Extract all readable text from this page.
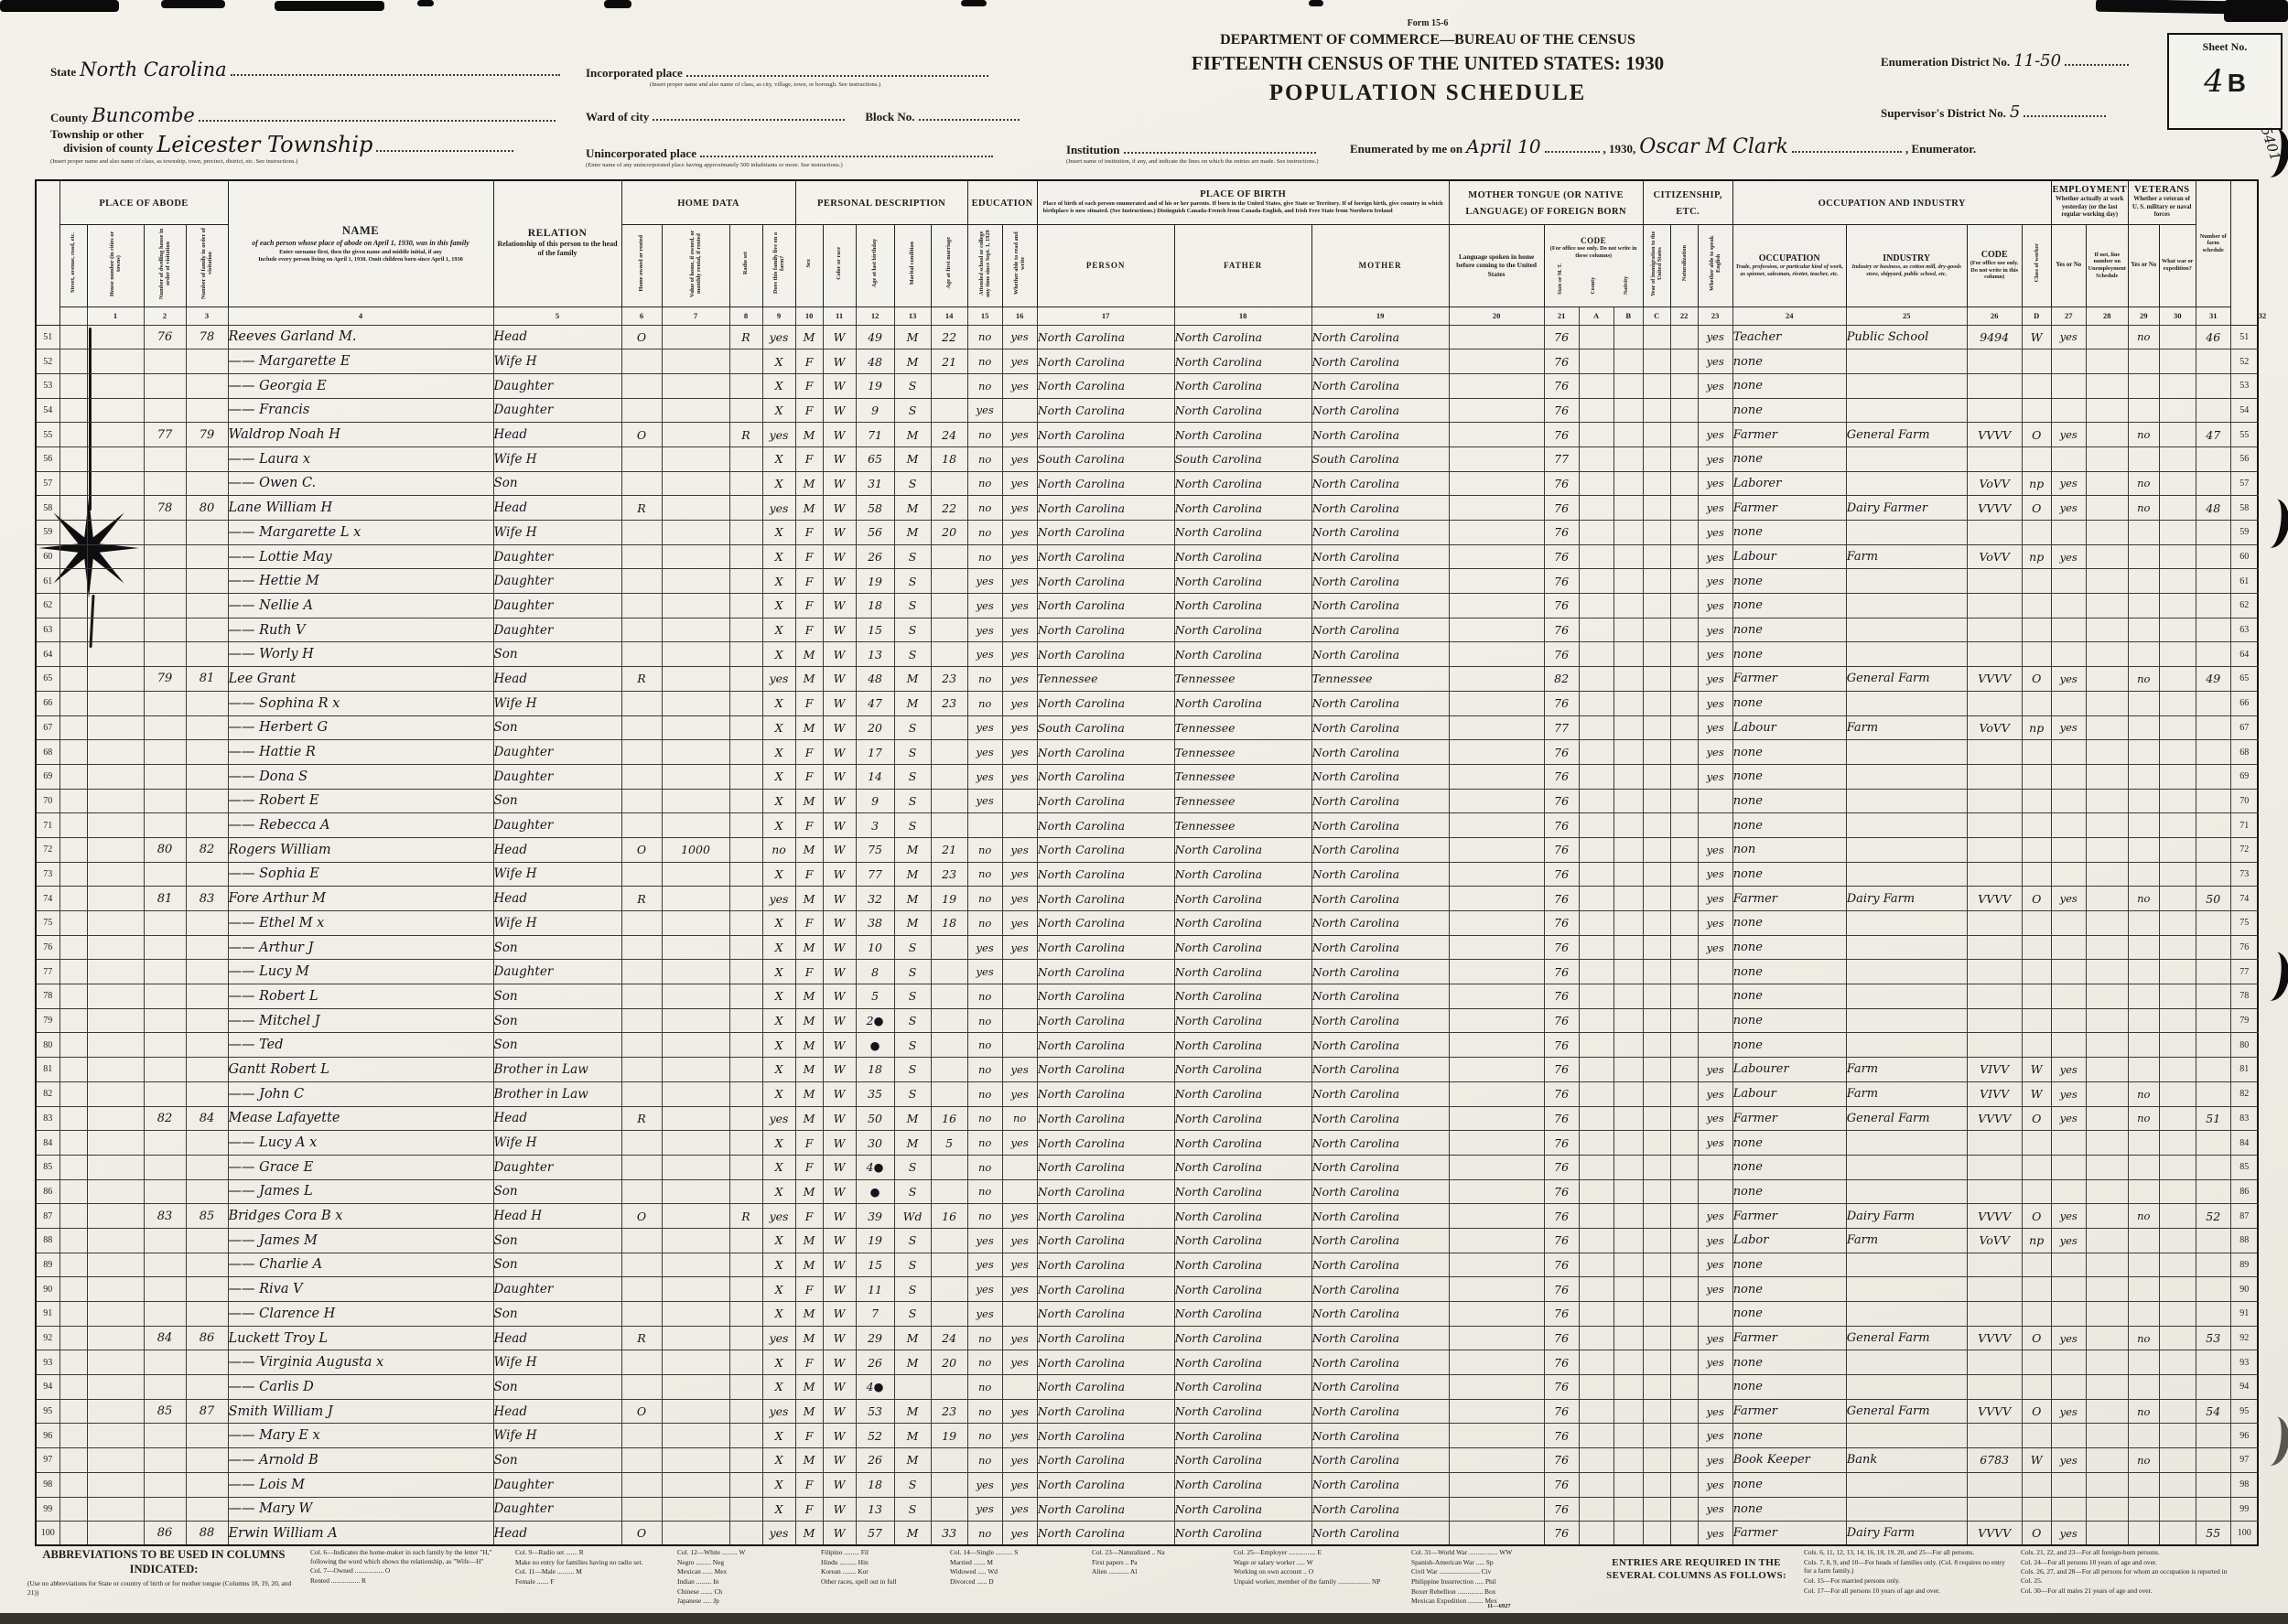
State North Carolina
County Buncombe
Township or other
division of county Leicester Township
(Insert proper name and also name of class, as township, town, precinct, district, etc. See instructions.)
Incorporated place
(Insert proper name and also name of class, as city, village, town, or borough. See instructions.)
Ward of city	Block No.
Unincorporated place
(Enter name of any unincorporated place having approximately 500 inhabitants or more. See instructions.)
Form 15-6
DEPARTMENT OF COMMERCE—BUREAU OF THE CENSUS
FIFTEENTH CENSUS OF THE UNITED STATES: 1930
POPULATION SCHEDULE
Institution
(Insert name of institution, if any, and indicate the lines on which the entries are made. See instructions.)
Enumerated by me on April 10	, 1930, Oscar M Clark	, Enumerator.
Enumeration District No. 11-50
Supervisor's District No. 5
Sheet No.
4 B
5401
	PLACE OF ABODE	
NAME
of each person whose place of abode on April 1, 1930, was in this family
Enter surname first, then the given name and middle initial, if any
Include every person living on April 1, 1930. Omit children born since April 1, 1930

RELATION
Relationship of this person to the head of the family
	HOME DATA	PERSONAL DESCRIPTION	EDUCATION	
PLACE OF BIRTH
Place of birth of each person enumerated and of his or her parents. If born in the United States, give State or Territory. If of foreign birth, give country in which birthplace is now situated. (See Instructions.) Distinguish Canada-French from Canada-English, and Irish Free State from Northern Ireland
	MOTHER TONGUE (OR NATIVE LANGUAGE) OF FOREIGN BORN	CITIZENSHIP, ETC.	OCCUPATION AND INDUSTRY	
EMPLOYMENT
Whether actually at work yesterday (or the last regular working day)

VETERANS
Whether a veteran of U. S. military or naval forces

Number of farm schedule

Street, avenue, road, etc.	House number (in cities or towns)	Number of dwelling house in order of visitation	Number of family in order of visitation	Home owned or rented	Value of home, if owned, or monthly rental, if rented	Radio set	Does this family live on a farm?	Sex	Color or race	Age at last birthday	Marital condition	Age at first marriage	Attended school or college any time since Sept. 1, 1929	Whether able to read and write	PERSON	FATHER	MOTHER	Language spoken in home before coming to the United States	
CODE
(For office use only. Do not write in these columns)
State or M. T.	County	Nativity	Year of immigration to the United States	Naturalization	Whether able to speak English	OCCUPATION
Trade, profession, or particular kind of work, as spinner, salesman, riveter, teacher, etc.

INDUSTRY
Industry or business, as cotton mill, dry-goods store, shipyard, public school, etc.

CODE
(For office use only. Do not write in this column)	Class of worker	Yes or No	If not, line number on Unemployment Schedule	Yes or No	What war or expedition?
		1	2	3	4	5	6	7	8	9	10	11	12	13	14	15	16	17	18	19	20	21	A	B	C	22	23	24	25	26	D	27	28	29	30	31		32	
51			76	78	Reeves Garland M.	Head	O		R	yes	M	W	49	M	22	no	yes	North Carolina	North Carolina	North Carolina		76					yes	Teacher	Public School	9494	W	yes		no		46	51	
52					—— Margarette E	Wife H				X	F	W	48	M	21	no	yes	North Carolina	North Carolina	North Carolina		76					yes	none									52	
53					—— Georgia E	Daughter				X	F	W	19	S		no	yes	North Carolina	North Carolina	North Carolina		76					yes	none									53	
54					—— Francis	Daughter				X	F	W	9	S		yes		North Carolina	North Carolina	North Carolina		76						none									54	
55			77	79	Waldrop Noah H	Head	O		R	yes	M	W	71	M	24	no	yes	North Carolina	North Carolina	North Carolina		76					yes	Farmer	General Farm	VVVV	O	yes		no		47	55	
56					—— Laura x	Wife H				X	F	W	65	M	18	no	yes	South Carolina	South Carolina	South Carolina		77					yes	none									56	
57					—— Owen C.	Son				X	M	W	31	S		no	yes	North Carolina	North Carolina	North Carolina		76					yes	Laborer		VoVV	np	yes		no			57	
58			78	80	Lane William H	Head	R			yes	M	W	58	M	22	no	yes	North Carolina	North Carolina	North Carolina		76					yes	Farmer	Dairy Farmer	VVVV	O	yes		no		48	58	
59					—— Margarette L x	Wife H				X	F	W	56	M	20	no	yes	North Carolina	North Carolina	North Carolina		76					yes	none									59	
60					—— Lottie May	Daughter				X	F	W	26	S		no	yes	North Carolina	North Carolina	North Carolina		76					yes	Labour	Farm	VoVV	np	yes					60	
61					—— Hettie M	Daughter				X	F	W	19	S		yes	yes	North Carolina	North Carolina	North Carolina		76					yes	none									61	
62					—— Nellie A	Daughter				X	F	W	18	S		yes	yes	North Carolina	North Carolina	North Carolina		76					yes	none									62	
63					—— Ruth V	Daughter				X	F	W	15	S		yes	yes	North Carolina	North Carolina	North Carolina		76					yes	none									63	
64					—— Worly H	Son				X	M	W	13	S		yes	yes	North Carolina	North Carolina	North Carolina		76					yes	none									64	
65			79	81	Lee Grant	Head	R			yes	M	W	48	M	23	no	yes	Tennessee	Tennessee	Tennessee		82					yes	Farmer	General Farm	VVVV	O	yes		no		49	65	
66					—— Sophina R x	Wife H				X	F	W	47	M	23	no	yes	North Carolina	North Carolina	North Carolina		76					yes	none									66	
67					—— Herbert G	Son				X	M	W	20	S		yes	yes	South Carolina	Tennessee	North Carolina		77					yes	Labour	Farm	VoVV	np	yes					67	
68					—— Hattie R	Daughter				X	F	W	17	S		yes	yes	North Carolina	Tennessee	North Carolina		76					yes	none									68	
69					—— Dona S	Daughter				X	F	W	14	S		yes	yes	North Carolina	Tennessee	North Carolina		76					yes	none									69	
70					—— Robert E	Son				X	M	W	9	S		yes		North Carolina	Tennessee	North Carolina		76						none									70	
71					—— Rebecca A	Daughter				X	F	W	3	S				North Carolina	Tennessee	North Carolina		76						none									71	
72			80	82	Rogers William	Head	O	1000		no	M	W	75	M	21	no	yes	North Carolina	North Carolina	North Carolina		76					yes	non									72	
73					—— Sophia E	Wife H				X	F	W	77	M	23	no	yes	North Carolina	North Carolina	North Carolina		76					yes	none									73	
74			81	83	Fore Arthur M	Head	R			yes	M	W	32	M	19	no	yes	North Carolina	North Carolina	North Carolina		76					yes	Farmer	Dairy Farm	VVVV	O	yes		no		50	74	
75					—— Ethel M x	Wife H				X	F	W	38	M	18	no	yes	North Carolina	North Carolina	North Carolina		76					yes	none									75	
76					—— Arthur J	Son				X	M	W	10	S		yes	yes	North Carolina	North Carolina	North Carolina		76					yes	none									76	
77					—— Lucy M	Daughter				X	F	W	8	S		yes		North Carolina	North Carolina	North Carolina		76						none									77	
78					—— Robert L	Son				X	M	W	5	S		no		North Carolina	North Carolina	North Carolina		76						none									78	
79					—— Mitchel J	Son				X	M	W	2●	S		no		North Carolina	North Carolina	North Carolina		76						none									79	
80					—— Ted	Son				X	M	W	●	S		no		North Carolina	North Carolina	North Carolina		76						none									80	
81					Gantt Robert L	Brother in Law				X	M	W	18	S		no	yes	North Carolina	North Carolina	North Carolina		76					yes	Labourer	Farm	VIVV	W	yes					81	
82					—— John C	Brother in Law				X	M	W	35	S		no	yes	North Carolina	North Carolina	North Carolina		76					yes	Labour	Farm	VIVV	W	yes		no			82	
83			82	84	Mease Lafayette	Head	R			yes	M	W	50	M	16	no	no	North Carolina	North Carolina	North Carolina		76					yes	Farmer	General Farm	VVVV	O	yes		no		51	83	
84					—— Lucy A x	Wife H				X	F	W	30	M	5	no	yes	North Carolina	North Carolina	North Carolina		76					yes	none									84	
85					—— Grace E	Daughter				X	F	W	4●	S		no		North Carolina	North Carolina	North Carolina		76						none									85	
86					—— James L	Son				X	M	W	●	S		no		North Carolina	North Carolina	North Carolina		76						none									86	
87			83	85	Bridges Cora B x	Head H	O		R	yes	F	W	39	Wd	16	no	yes	North Carolina	North Carolina	North Carolina		76					yes	Farmer	Dairy Farm	VVVV	O	yes		no		52	87	
88					—— James M	Son				X	M	W	19	S		yes	yes	North Carolina	North Carolina	North Carolina		76					yes	Labor	Farm	VoVV	np	yes					88	
89					—— Charlie A	Son				X	M	W	15	S		yes	yes	North Carolina	North Carolina	North Carolina		76					yes	none									89	
90					—— Riva V	Daughter				X	F	W	11	S		yes	yes	North Carolina	North Carolina	North Carolina		76					yes	none									90	
91					—— Clarence H	Son				X	M	W	7	S		yes		North Carolina	North Carolina	North Carolina		76						none									91	
92			84	86	Luckett Troy L	Head	R			yes	M	W	29	M	24	no	yes	North Carolina	North Carolina	North Carolina		76					yes	Farmer	General Farm	VVVV	O	yes		no		53	92	
93					—— Virginia Augusta x	Wife H				X	F	W	26	M	20	no	yes	North Carolina	North Carolina	North Carolina		76					yes	none									93	
94					—— Carlis D	Son				X	M	W	4●			no		North Carolina	North Carolina	North Carolina		76						none									94	
95			85	87	Smith William J	Head	O			yes	M	W	53	M	23	no	yes	North Carolina	North Carolina	North Carolina		76					yes	Farmer	General Farm	VVVV	O	yes		no		54	95	
96					—— Mary E x	Wife H				X	F	W	52	M	19	no	yes	North Carolina	North Carolina	North Carolina		76					yes	none									96	
97					—— Arnold B	Son				X	M	W	26	M		no	yes	North Carolina	North Carolina	North Carolina		76					yes	Book Keeper	Bank	6783	W	yes		no			97	
98					—— Lois M	Daughter				X	F	W	18	S		yes	yes	North Carolina	North Carolina	North Carolina		76					yes	none									98	
99					—— Mary W	Daughter				X	F	W	13	S		yes	yes	North Carolina	North Carolina	North Carolina		76					yes	none									99	
100			86	88	Erwin William A	Head	O			yes	M	W	57	M	33	no	yes	North Carolina	North Carolina	North Carolina		76					yes	Farmer	Dairy Farm	VVVV	O	yes				55	100	
ABBREVIATIONS TO BE USED IN COLUMNS INDICATED:
(Use no abbreviations for State or country of birth or for mother tongue (Columns 18, 19, 20, and 21))
Col. 6—Indicates the home-maker in such family by the letter "H," following the word which shows the relationship, as "Wife—H"
Col. 7—Owned ................. O
Rented ................. R
Col. 9—Radio set ....... R
Make no entry for families having no radio set.
Col. 11—Male .......... M
Female ....... F
Col. 12—White ......... W
Negro ......... Neg
Mexican ...... Mex
Indian ......... In
Chinese ....... Ch
Japanese ..... Jp
Filipino ......... Fil
Hindu .......... Hin
Korean ........ Kor
Other races, spell out in full
Col. 14—Single .......... S
Married ....... M
Widowed ..... Wd
Divorced ...... D
Col. 23—Naturalized .. Na
First papers .. Pa
Alien ............ Al
Col. 25—Employer ................ E
Wage or salary worker ..... W
Working on own account .. O
Unpaid worker, member of the family ................... NP
Col. 31—World War ................. WW
Spanish-American War ..... Sp
Civil War ........................ Civ
Philippine Insurrection ..... Phil
Boxer Rebellion ............... Box
Mexican Expedition ......... Mex
ENTRIES ARE REQUIRED IN THE SEVERAL COLUMNS AS FOLLOWS:
Cols. 6, 11, 12, 13, 14, 16, 18, 19, 20, and 25—For all persons.
Cols. 7, 8, 9, and 10—For heads of families only. (Col. 8 requires no entry for a farm family.)
Col. 15—For married persons only.
Col. 17—For all persons 10 years of age and over.
Cols. 21, 22, and 23—For all foreign-born persons.
Col. 24—For all persons 10 years of age and over.
Cols. 26, 27, and 28—For all persons for whom an occupation is reported in Col. 25.
Col. 30—For all males 21 years of age and over.
11—6927
